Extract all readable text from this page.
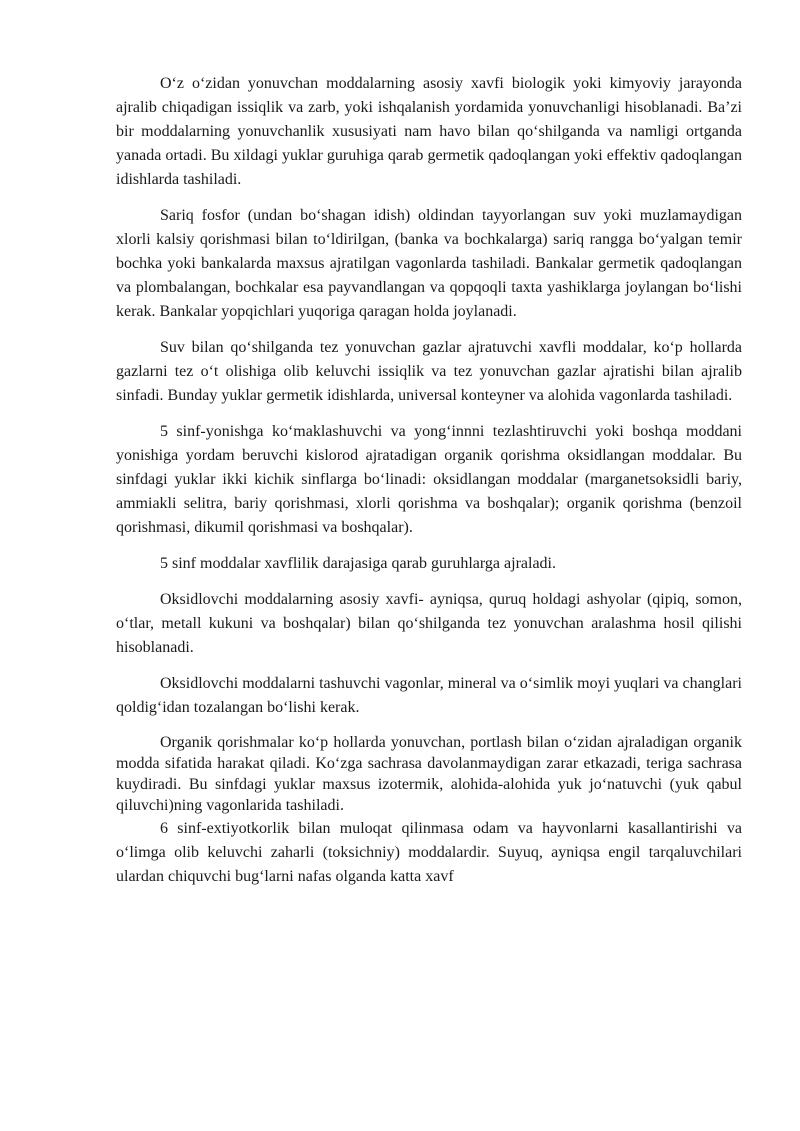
O‘z o‘zidan yonuvchan moddalarning asosiy xavfi biologik yoki kimyoviy jarayonda ajralib chiqadigan issiqlik va zarb, yoki ishqalanish yordamida yonuvchanligi hisoblanadi. Ba’zi bir moddalarning yonuvchanlik xususiyati nam havo bilan qo‘shilganda va namligi ortganda yanada ortadi. Bu xildagi yuklar guruhiga qarab germetik qadoqlangan yoki effektiv qadoqlangan idishlarda tashiladi.

Sariq fosfor (undan bo‘shagan idish) oldindan tayyorlangan suv yoki muzlamaydigan xlorli kalsiy qorishmasi bilan to‘ldirilgan, (banka va bochkalarga) sariq rangga bo‘yalgan temir bochka yoki bankalarda maxsus ajratilgan vagonlarda tashiladi. Bankalar germetik qadoqlangan va plombalangan, bochkalar esa payvandlangan va qopqoqli taxta yashiklarga joylangan bo‘lishi kerak. Bankalar yopqichlari yuqoriga qaragan holda joylanadi.

Suv bilan qo‘shilganda tez yonuvchan gazlar ajratuvchi xavfli moddalar, ko‘p hollarda gazlarni tez o‘t olishiga olib keluvchi issiqlik va tez yonuvchan gazlar ajratishi bilan ajralib sinfadi. Bunday yuklar germetik idishlarda, universal konteyner va alohida vagonlarda tashiladi.

5 sinf-yonishga ko‘maklashuvchi va yong‘innni tezlashtiruvchi yoki boshqa moddani yonishiga yordam beruvchi kislorod ajratadigan organik qorishma oksidlangan moddalar. Bu sinfdagi yuklar ikki kichik sinflarga bo‘linadi: oksidlangan moddalar (marganetsoksidli bariy, ammiakli selitra, bariy qorishmasi, xlorli qorishma va boshqalar); organik qorishma (benzoil qorishmasi, dikumil qorishmasi va boshqalar).

5 sinf moddalar xavflilik darajasiga qarab guruhlarga ajraladi.

Oksidlovchi moddalarning asosiy xavfi- ayniqsa, quruq holdagi ashyolar (qipiq, somon, o‘tlar, metall kukuni va boshqalar) bilan qo‘shilganda tez yonuvchan aralashma hosil qilishi hisoblanadi.

Oksidlovchi moddalarni tashuvchi vagonlar, mineral va o‘simlik moyi yuqlari va changlari qoldig‘idan tozalangan bo‘lishi kerak.

Organik qorishmalar ko‘p hollarda yonuvchan, portlash bilan o‘zidan ajraladigan organik modda sifatida harakat qiladi. Ko‘zga sachrasa davolanmaydigan zarar etkazadi, teriga sachrasa kuydiradi. Bu sinfdagi yuklar maxsus izotermik, alohida-alohida yuk jo‘natuvchi (yuk qabul qiluvchi)ning vagonlarida tashiladi.

6 sinf-extiyotkorlik bilan muloqat qilinmasa odam va hayvonlarni kasallantirishi va o‘limga olib keluvchi zaharli (toksichniy) moddalardir. Suyuq, ayniqsa engil tarqaluvchilari ulardan chiquvchi bug‘larni nafas olganda katta xavf
